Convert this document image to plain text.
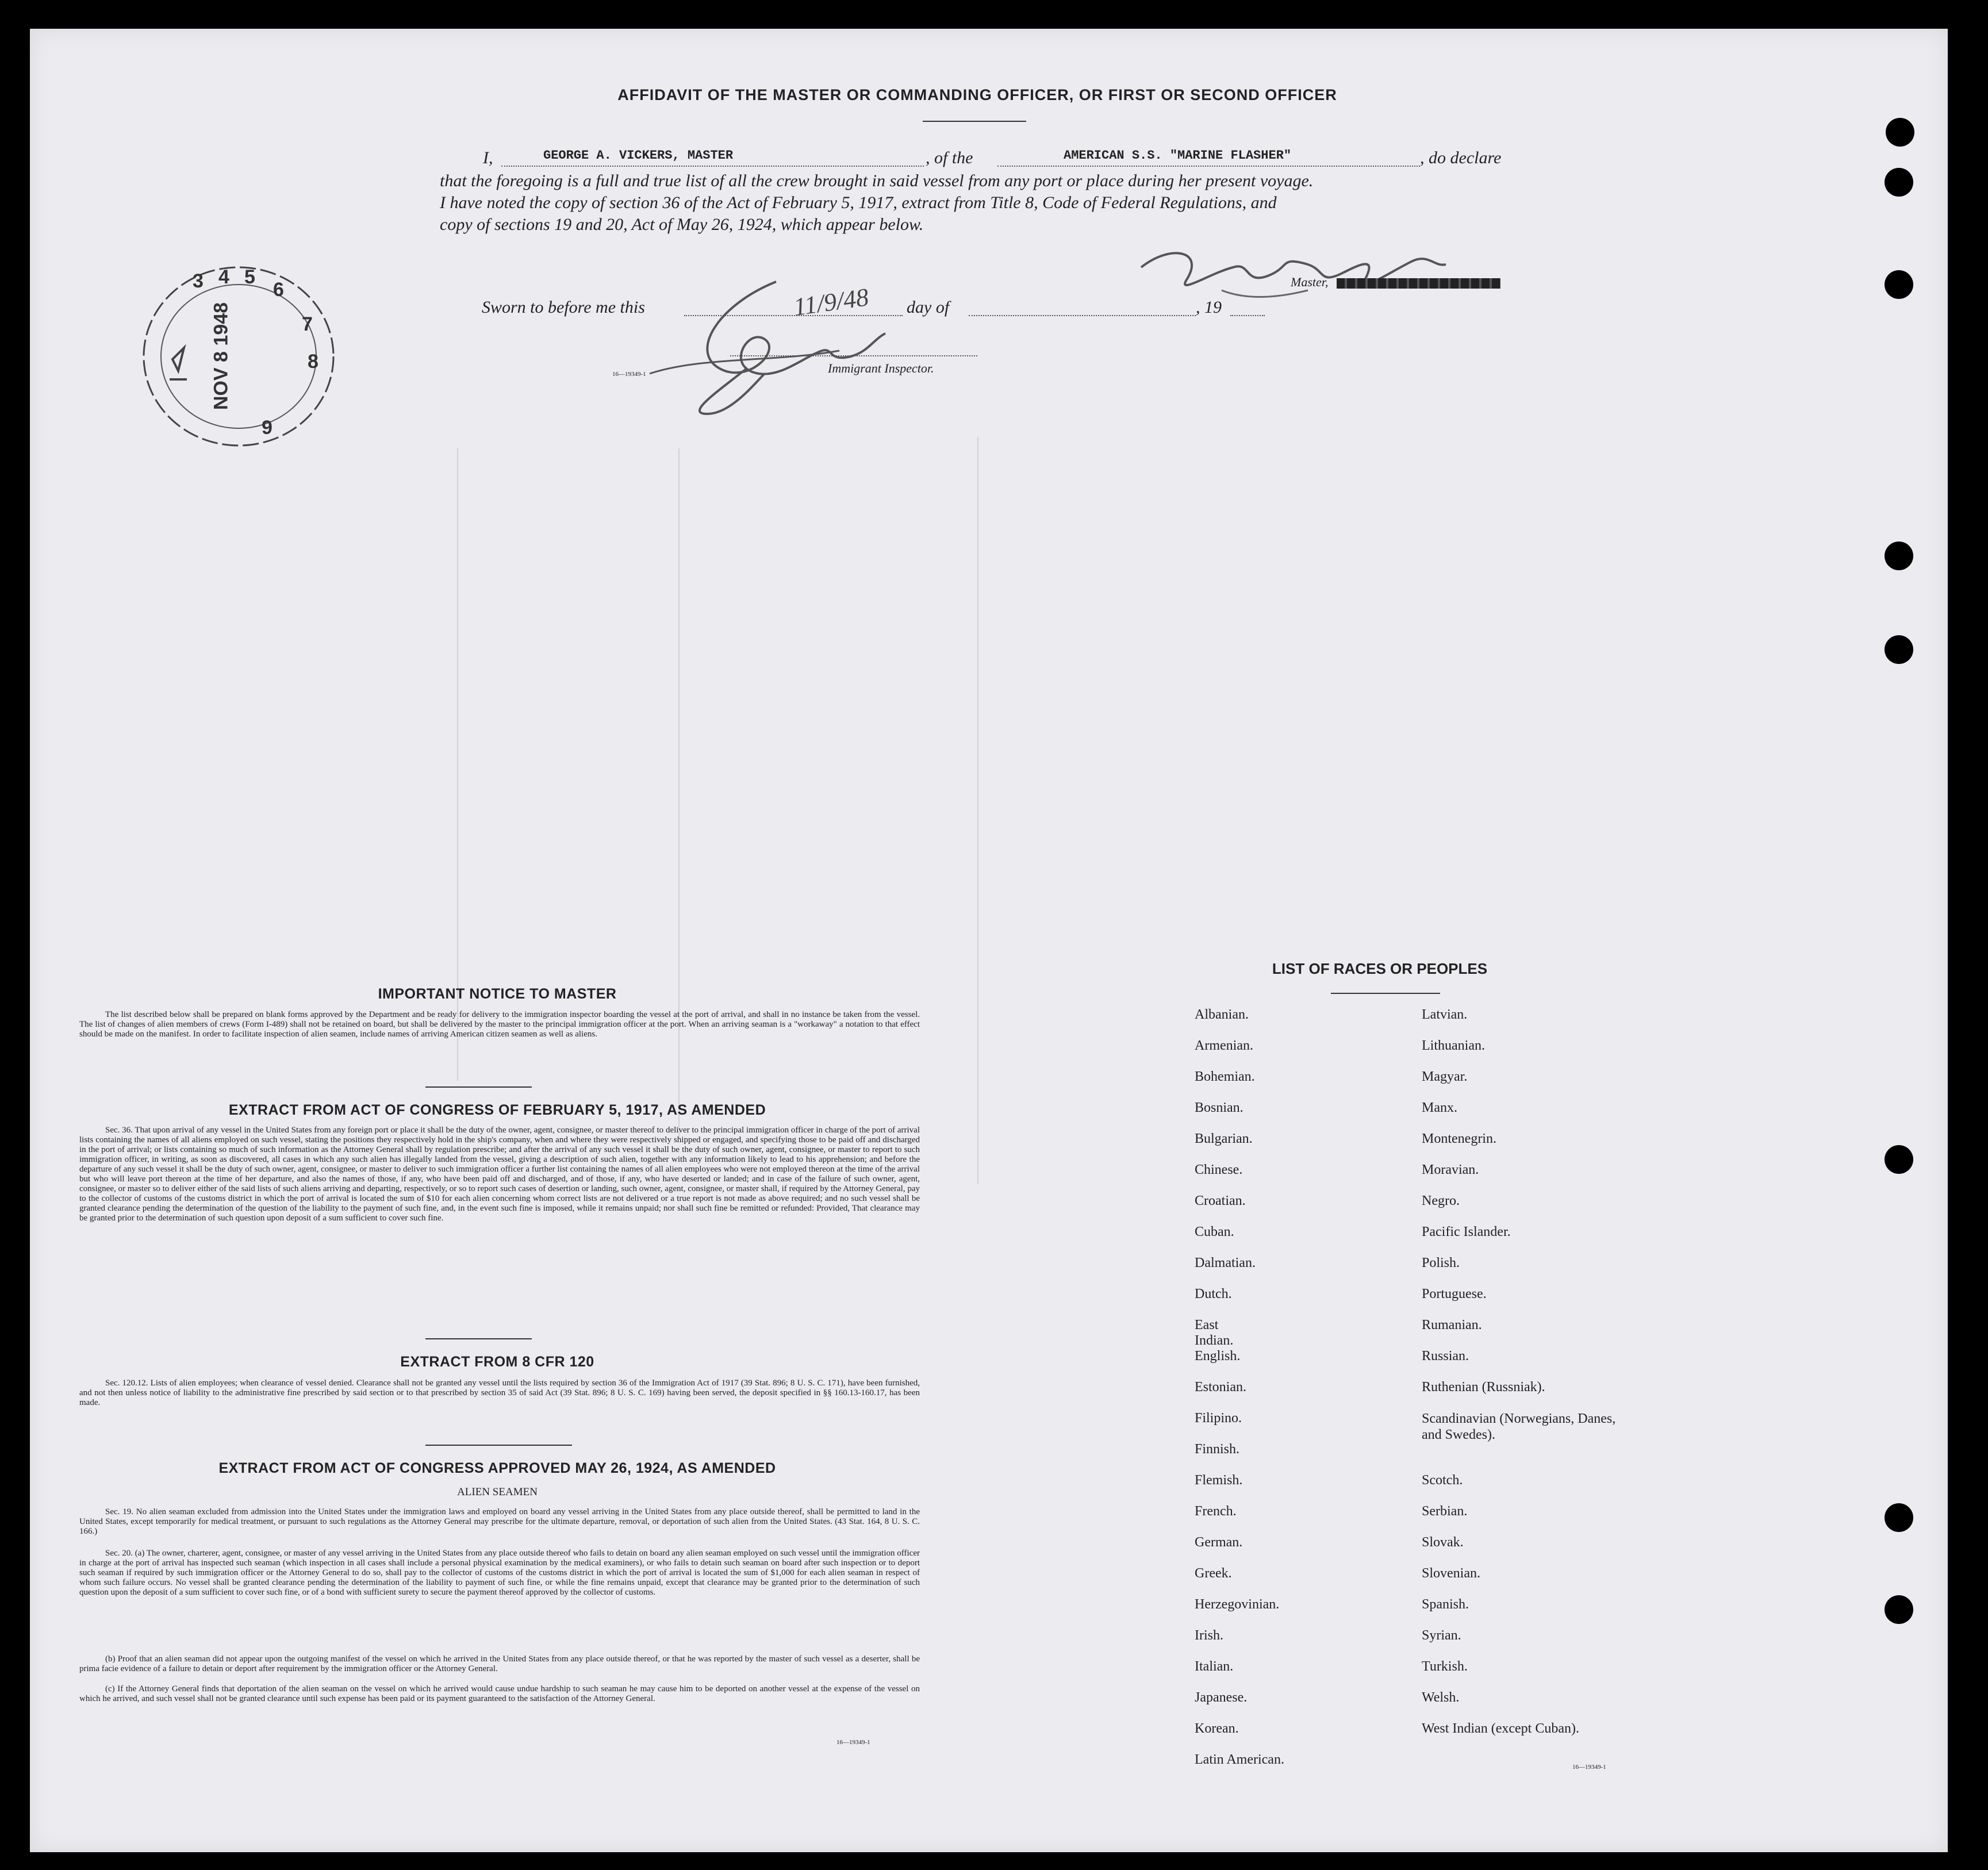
AFFIDAVIT OF THE MASTER OR COMMANDING OFFICER, OR FIRST OR SECOND OFFICER
I,	GEORGE A. VICKERS, MASTER	, of the	AMERICAN S.S. "MARINE FLASHER"	, do declare
that the foregoing is a full and true list of all the crew brought in said vessel from any port or place during her present voyage.
I have noted the copy of section 36 of the Act of February 5, 1917, extract from Title 8, Code of Federal Regulations, and
copy of sections 19 and 20, Act of May 26, 1924, which appear below.
Master,
Sworn to before me this	11/9/48 day of	, 19
16—19349-1	Immigrant Inspector.
3 4 5
6
7
8
9
NOV 8 1948
IMPORTANT NOTICE TO MASTER
The list described below shall be prepared on blank forms approved by the Department and be ready for delivery to the immigration inspector boarding the vessel at the port of arrival, and shall in no instance be taken from the vessel. The list of changes of alien members of crews (Form I-489) shall not be retained on board, but shall be delivered by the master to the principal immigration officer at the port. When an arriving seaman is a "workaway" a notation to that effect should be made on the manifest. In order to facilitate inspection of alien seamen, include names of arriving American citizen seamen as well as aliens.
EXTRACT FROM ACT OF CONGRESS OF FEBRUARY 5, 1917, AS AMENDED
Sec. 36. That upon arrival of any vessel in the United States from any foreign port or place it shall be the duty of the owner, agent, consignee, or master thereof to deliver to the principal immigration officer in charge of the port of arrival lists containing the names of all aliens employed on such vessel, stating the positions they respectively hold in the ship's company, when and where they were respectively shipped or engaged, and specifying those to be paid off and discharged in the port of arrival; or lists containing so much of such information as the Attorney General shall by regulation prescribe; and after the arrival of any such vessel it shall be the duty of such owner, agent, consignee, or master to report to such immigration officer, in writing, as soon as discovered, all cases in which any such alien has illegally landed from the vessel, giving a description of such alien, together with any information likely to lead to his apprehension; and before the departure of any such vessel it shall be the duty of such owner, agent, consignee, or master to deliver to such immigration officer a further list containing the names of all alien employees who were not employed thereon at the time of the arrival but who will leave port thereon at the time of her departure, and also the names of those, if any, who have been paid off and discharged, and of those, if any, who have deserted or landed; and in case of the failure of such owner, agent, consignee, or master so to deliver either of the said lists of such aliens arriving and departing, respectively, or so to report such cases of desertion or landing, such owner, agent, consignee, or master shall, if required by the Attorney General, pay to the collector of customs of the customs district in which the port of arrival is located the sum of $10 for each alien concerning whom correct lists are not delivered or a true report is not made as above required; and no such vessel shall be granted clearance pending the determination of the question of the liability to the payment of such fine, and, in the event such fine is imposed, while it remains unpaid; nor shall such fine be remitted or refunded: Provided, That clearance may be granted prior to the determination of such question upon deposit of a sum sufficient to cover such fine.
EXTRACT FROM 8 CFR 120
Sec. 120.12. Lists of alien employees; when clearance of vessel denied. Clearance shall not be granted any vessel until the lists required by section 36 of the Immigration Act of 1917 (39 Stat. 896; 8 U. S. C. 171), have been furnished, and not then unless notice of liability to the administrative fine prescribed by said section or to that prescribed by section 35 of said Act (39 Stat. 896; 8 U. S. C. 169) having been served, the deposit specified in §§ 160.13-160.17, has been made.
EXTRACT FROM ACT OF CONGRESS APPROVED MAY 26, 1924, AS AMENDED
ALIEN SEAMEN
Sec. 19. No alien seaman excluded from admission into the United States under the immigration laws and employed on board any vessel arriving in the United States from any place outside thereof, shall be permitted to land in the United States, except temporarily for medical treatment, or pursuant to such regulations as the Attorney General may prescribe for the ultimate departure, removal, or deportation of such alien from the United States. (43 Stat. 164, 8 U. S. C. 166.)
Sec. 20. (a) The owner, charterer, agent, consignee, or master of any vessel arriving in the United States from any place outside thereof who fails to detain on board any alien seaman employed on such vessel until the immigration officer in charge at the port of arrival has inspected such seaman (which inspection in all cases shall include a personal physical examination by the medical examiners), or who fails to detain such seaman on board after such inspection or to deport such seaman if required by such immigration officer or the Attorney General to do so, shall pay to the collector of customs of the customs district in which the port of arrival is located the sum of $1,000 for each alien seaman in respect of whom such failure occurs. No vessel shall be granted clearance pending the determination of the liability to payment of such fine, or while the fine remains unpaid, except that clearance may be granted prior to the determination of such question upon the deposit of a sum sufficient to cover such fine, or of a bond with sufficient surety to secure the payment thereof approved by the collector of customs.
(b) Proof that an alien seaman did not appear upon the outgoing manifest of the vessel on which he arrived in the United States from any place outside thereof, or that he was reported by the master of such vessel as a deserter, shall be prima facie evidence of a failure to detain or deport after requirement by the immigration officer or the Attorney General.
(c) If the Attorney General finds that deportation of the alien seaman on the vessel on which he arrived would cause undue hardship to such seaman he may cause him to be deported on another vessel at the expense of the vessel on which he arrived, and such vessel shall not be granted clearance until such expense has been paid or its payment guaranteed to the satisfaction of the Attorney General.
16—19349-1
LIST OF RACES OR PEOPLES
Albanian.
Armenian.
Bohemian.
Bosnian.
Bulgarian.
Chinese.
Croatian.
Cuban.
Dalmatian.
Dutch.
East Indian.
English.
Estonian.
Filipino.
Finnish.
Flemish.
French.
German.
Greek.
Herzegovinian.
Irish.
Italian.
Japanese.
Korean.
Latin American.
Latvian.
Lithuanian.
Magyar.
Manx.
Montenegrin.
Moravian.
Negro.
Pacific Islander.
Polish.
Portuguese.
Rumanian.
Russian.
Ruthenian (Russniak).
Scandinavian (Norwegians, Danes, and Swedes).
Scotch.
Serbian.
Slovak.
Slovenian.
Spanish.
Syrian.
Turkish.
Welsh.
West Indian (except Cuban).
16—19349-1
